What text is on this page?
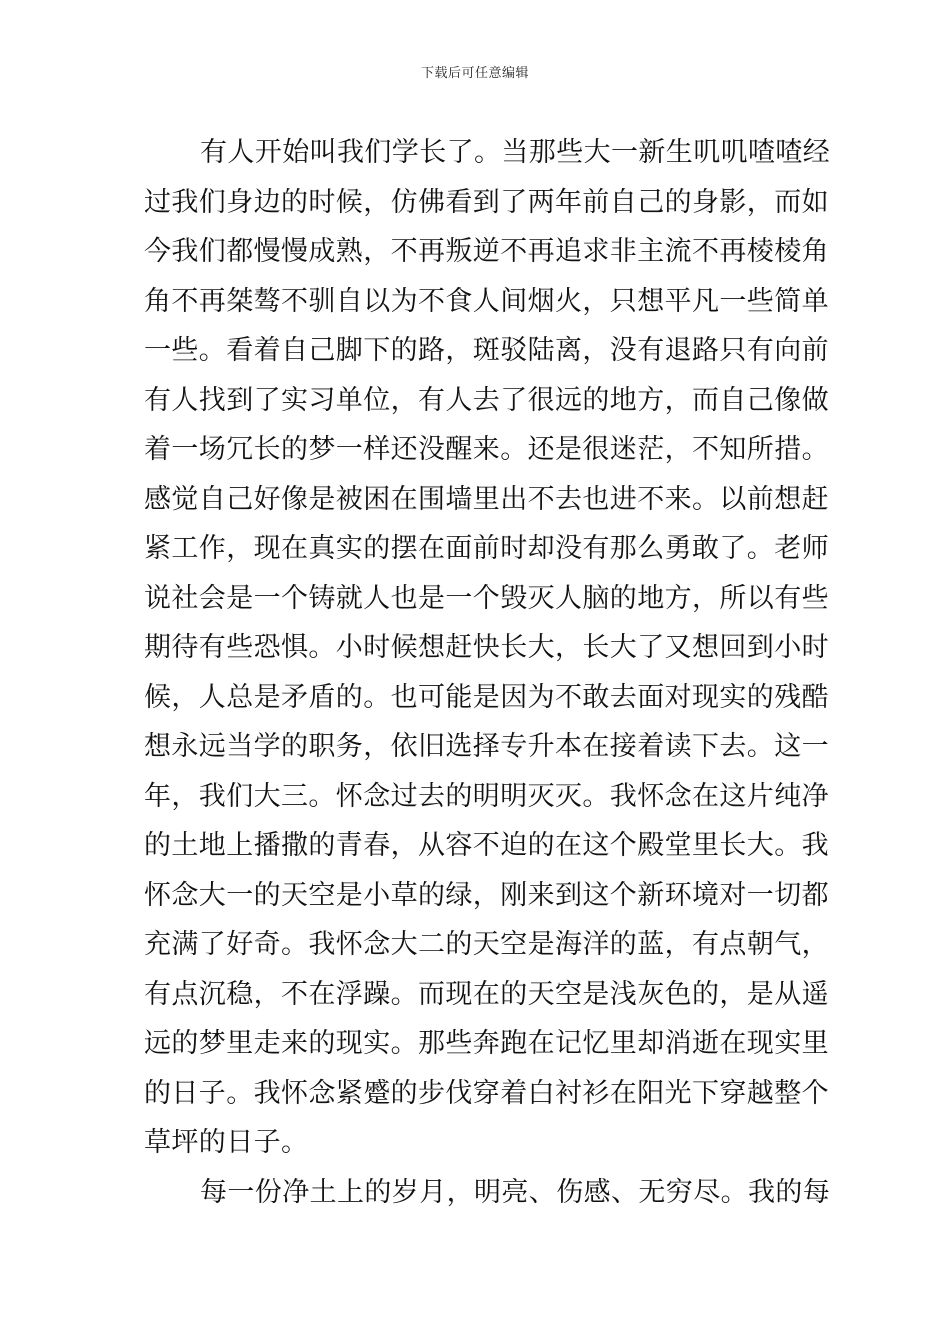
下载后可任意编辑
有人开始叫我们学长了。当那些大一新生叽叽喳喳经
过我们身边的时候，仿佛看到了两年前自己的身影，而如
今我们都慢慢成熟，不再叛逆不再追求非主流不再棱棱角
角不再桀骜不驯自以为不食人间烟火，只想平凡一些简单
一些。看着自己脚下的路，斑驳陆离，没有退路只有向前
有人找到了实习单位，有人去了很远的地方，而自己像做
着一场冗长的梦一样还没醒来。还是很迷茫，不知所措。
感觉自己好像是被困在围墙里出不去也进不来。以前想赶
紧工作，现在真实的摆在面前时却没有那么勇敢了。老师
说社会是一个铸就人也是一个毁灭人脑的地方，所以有些
期待有些恐惧。小时候想赶快长大，长大了又想回到小时
候，人总是矛盾的。也可能是因为不敢去面对现实的残酷
想永远当学的职务，依旧选择专升本在接着读下去。这一
年，我们大三。怀念过去的明明灭灭。我怀念在这片纯净
的土地上播撒的青春，从容不迫的在这个殿堂里长大。我
怀念大一的天空是小草的绿，刚来到这个新环境对一切都
充满了好奇。我怀念大二的天空是海洋的蓝，有点朝气，
有点沉稳，不在浮躁。而现在的天空是浅灰色的，是从遥
远的梦里走来的现实。那些奔跑在记忆里却消逝在现实里
的日子。我怀念紧蹙的步伐穿着白衬衫在阳光下穿越整个
草坪的日子。
每一份净土上的岁月，明亮、伤感、无穷尽。我的每
